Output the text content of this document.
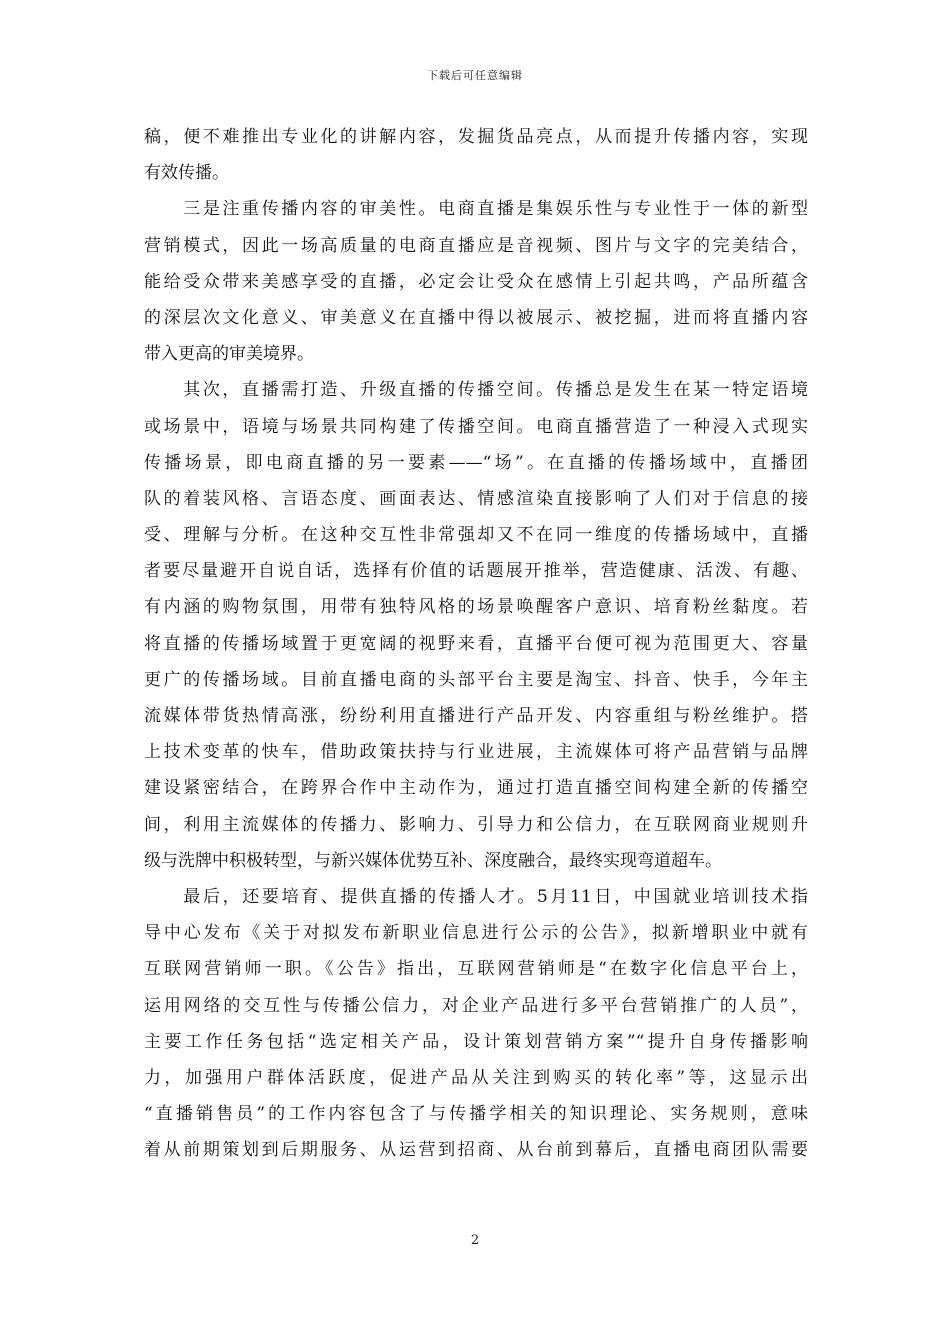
下载后可任意编辑
稿，便不难推出专业化的讲解内容，发掘货品亮点，从而提升传播内容，实现
有效传播。
　　三是注重传播内容的审美性。电商直播是集娱乐性与专业性于一体的新型
营销模式，因此一场高质量的电商直播应是音视频、图片与文字的完美结合，
能给受众带来美感享受的直播，必定会让受众在感情上引起共鸣，产品所蕴含
的深层次文化意义、审美意义在直播中得以被展示、被挖掘，进而将直播内容
带入更高的审美境界。
　　其次，直播需打造、升级直播的传播空间。传播总是发生在某一特定语境
或场景中，语境与场景共同构建了传播空间。电商直播营造了一种浸入式现实
传播场景，即电商直播的另一要素——“场”。在直播的传播场域中，直播团
队的着装风格、言语态度、画面表达、情感渲染直接影响了人们对于信息的接
受、理解与分析。在这种交互性非常强却又不在同一维度的传播场域中，直播
者要尽量避开自说自话，选择有价值的话题展开推举，营造健康、活泼、有趣、
有内涵的购物氛围，用带有独特风格的场景唤醒客户意识、培育粉丝黏度。若
将直播的传播场域置于更宽阔的视野来看，直播平台便可视为范围更大、容量
更广的传播场域。目前直播电商的头部平台主要是淘宝、抖音、快手，今年主
流媒体带货热情高涨，纷纷利用直播进行产品开发、内容重组与粉丝维护。搭
上技术变革的快车，借助政策扶持与行业进展，主流媒体可将产品营销与品牌
建设紧密结合，在跨界合作中主动作为，通过打造直播空间构建全新的传播空
间，利用主流媒体的传播力、影响力、引导力和公信力，在互联网商业规则升
级与洗牌中积极转型，与新兴媒体优势互补、深度融合，最终实现弯道超车。
　　最后，还要培育、提供直播的传播人才。5月11日，中国就业培训技术指
导中心发布《关于对拟发布新职业信息进行公示的公告》，拟新增职业中就有
互联网营销师一职。《公告》指出，互联网营销师是“在数字化信息平台上，
运用网络的交互性与传播公信力，对企业产品进行多平台营销推广的人员”，
主要工作任务包括“选定相关产品，设计策划营销方案”“提升自身传播影响
力，加强用户群体活跃度，促进产品从关注到购买的转化率”等，这显示出
“直播销售员”的工作内容包含了与传播学相关的知识理论、实务规则，意味
着从前期策划到后期服务、从运营到招商、从台前到幕后，直播电商团队需要
2
